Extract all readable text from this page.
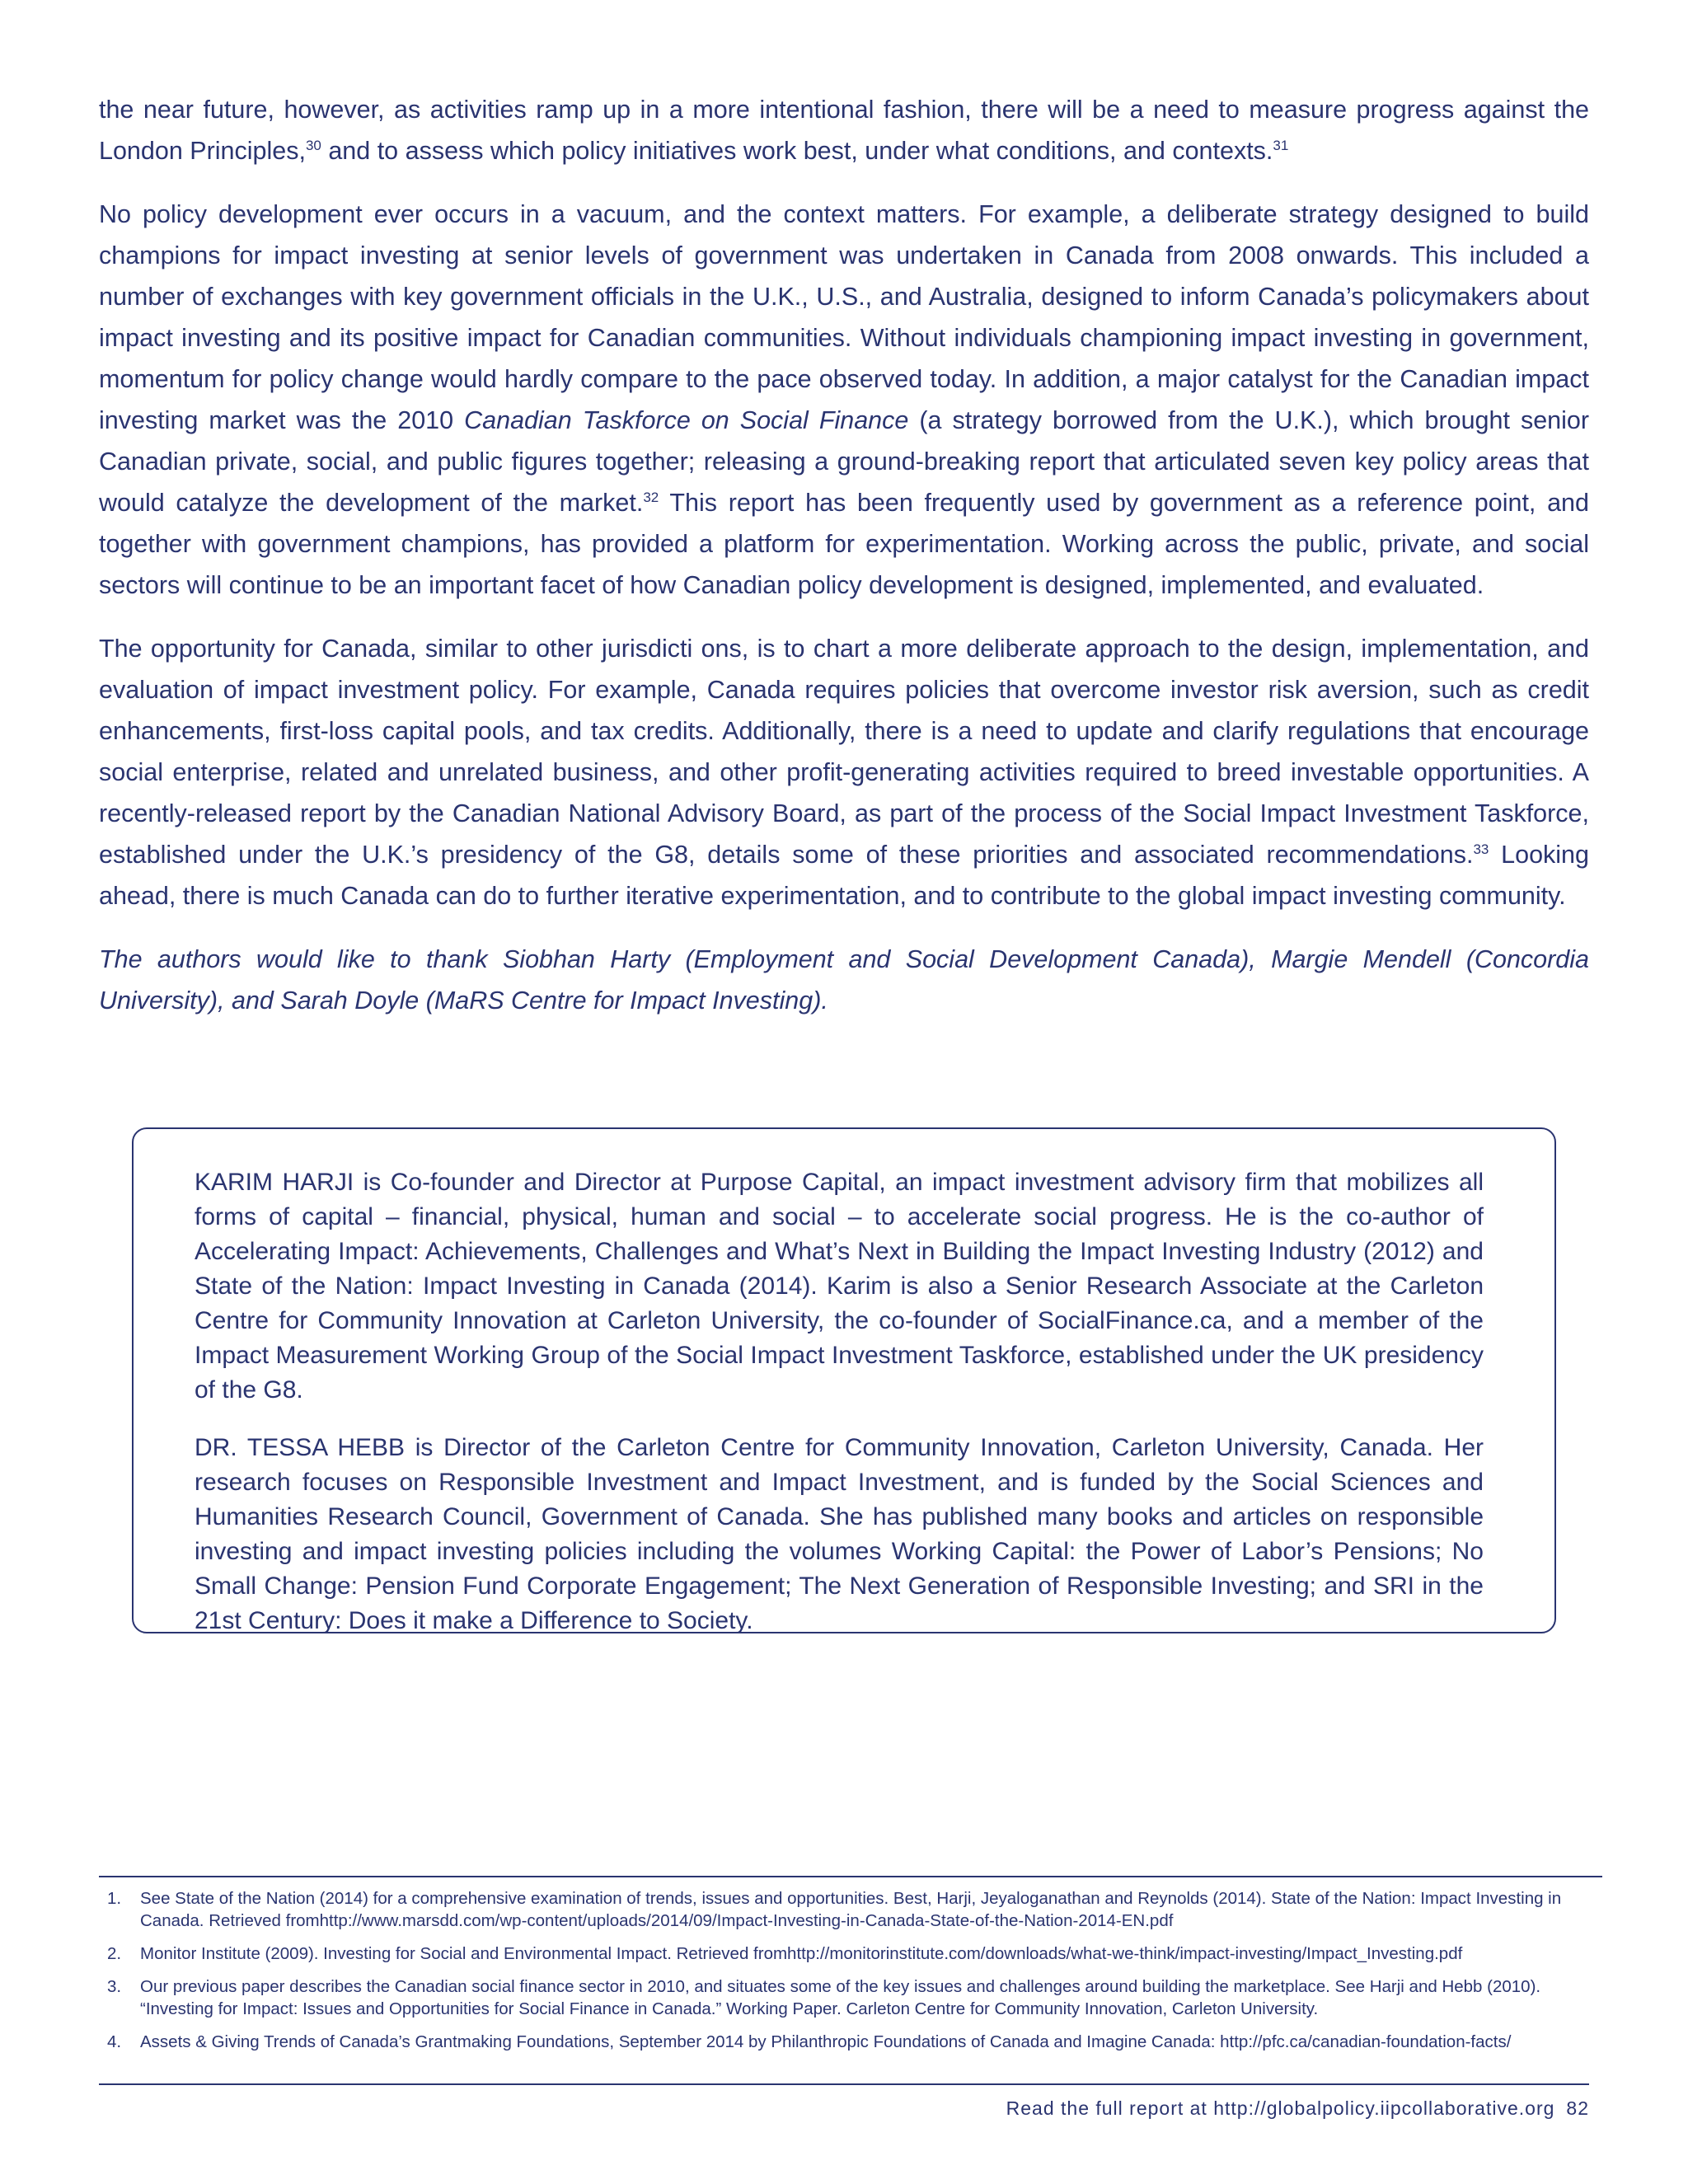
the near future, however, as activities ramp up in a more intentional fashion, there will be a need to measure progress against the London Principles,$^{30}$ and to assess which policy initiatives work best, under what conditions, and contexts.$^{31}$

No policy development ever occurs in a vacuum, and the context matters. For example, a deliberate strategy designed to build champions for impact investing at senior levels of government was undertaken in Canada from 2008 onwards. This included a number of exchanges with key government officials in the U.K., U.S., and Australia, designed to inform Canada’s policymakers about impact investing and its positive impact for Canadian communities. Without individuals championing impact investing in government, momentum for policy change would hardly compare to the pace observed today. In addition, a major catalyst for the Canadian impact investing market was the 2010 Canadian Taskforce on Social Finance (a strategy borrowed from the U.K.), which brought senior Canadian private, social, and public figures together; releasing a ground-breaking report that articulated seven key policy areas that would catalyze the development of the market.$^{32}$ This report has been frequently used by government as a reference point, and together with government champions, has provided a platform for experimentation. Working across the public, private, and social sectors will continue to be an important facet of how Canadian policy development is designed, implemented, and evaluated.

The opportunity for Canada, similar to other jurisdicti ons, is to chart a more deliberate approach to the design, implementation, and evaluation of impact investment policy. For example, Canada requires policies that overcome investor risk aversion, such as credit enhancements, first-loss capital pools, and tax credits. Additionally, there is a need to update and clarify regulations that encourage social enterprise, related and unrelated business, and other profit-generating activities required to breed investable opportunities. A recently-released report by the Canadian National Advisory Board, as part of the process of the Social Impact Investment Taskforce, established under the U.K.’s presidency of the G8, details some of these priorities and associated recommendations.$^{33}$ Looking ahead, there is much Canada can do to further iterative experimentation, and to contribute to the global impact investing community.

The authors would like to thank Siobhan Harty (Employment and Social Development Canada), Margie Mendell (Concordia University), and Sarah Doyle (MaRS Centre for Impact Investing).

KARIM HARJI is Co-founder and Director at Purpose Capital, an impact investment advisory firm that mobilizes all forms of capital – financial, physical, human and social – to accelerate social progress. He is the co-author of Accelerating Impact: Achievements, Challenges and What’s Next in Building the Impact Investing Industry (2012) and State of the Nation: Impact Investing in Canada (2014). Karim is also a Senior Research Associate at the Carleton Centre for Community Innovation at Carleton University, the co-founder of SocialFinance.ca, and a member of the Impact Measurement Working Group of the Social Impact Investment Taskforce, established under the UK presidency of the G8.

DR. TESSA HEBB is Director of the Carleton Centre for Community Innovation, Carleton University, Canada. Her research focuses on Responsible Investment and Impact Investment, and is funded by the Social Sciences and Humanities Research Council, Government of Canada. She has published many books and articles on responsible investing and impact investing policies including the volumes Working Capital: the Power of Labor’s Pensions; No Small Change: Pension Fund Corporate Engagement; The Next Generation of Responsible Investing; and SRI in the 21st Century: Does it make a Difference to Society.

1.	See State of the Nation (2014) for a comprehensive examination of trends, issues and opportunities. Best, Harji, Jeyaloganathan and Reynolds (2014). State of the Nation: Impact Investing in Canada. Retrieved fromhttp://www.marsdd.com/wp-content/uploads/2014/09/Impact-Investing-in-Canada-State-of-the-Nation-2014-EN.pdf
2.	Monitor Institute (2009). Investing for Social and Environmental Impact. Retrieved fromhttp://monitorinstitute.com/downloads/what-we-think/impact-investing/Impact_Investing.pdf
3.	Our previous paper describes the Canadian social finance sector in 2010, and situates some of the key issues and challenges around building the marketplace. See Harji and Hebb (2010). “Investing for Impact: Issues and Opportunities for Social Finance in Canada.” Working Paper. Carleton Centre for Community Innovation, Carleton University.
4.	Assets & Giving Trends of Canada’s Grantmaking Foundations, September 2014 by Philanthropic Foundations of Canada and Imagine Canada: http://pfc.ca/canadian-foundation-facts/
Read the full report at http://globalpolicy.iipcollaborative.org 82
